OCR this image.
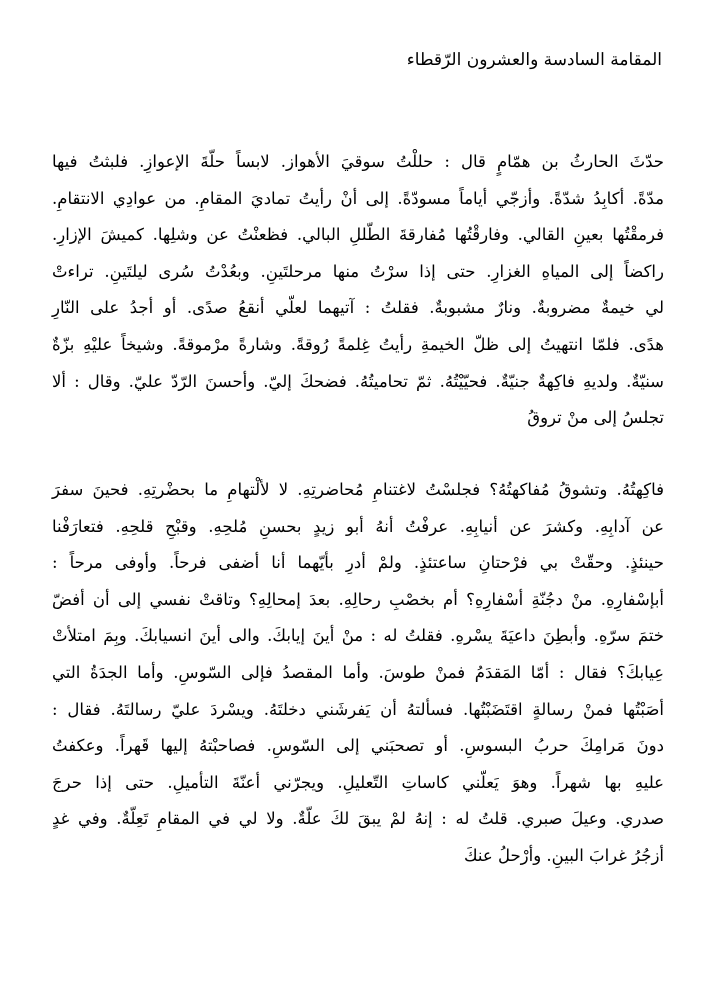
المقامة السادسة والعشرون الرّقطاء

حدّثَ الحارثُ بن همّامٍ قال : حللْتُ سوقيَ الأهواز. لابساً حلّةَ الإعوازِ. فلبثتُ فيها
مدّةً. أكابِدُ شدّةً. وأزجّي أياماً مسودّةً. إلى أنْ رأيتُ تماديَ المقامِ. من عوادِي الانتقامِ.
فرمقْتُها بعينِ القالي. وفارقْتُها مُفارقةَ الطّللِ البالي. فظعنْتُ عن وشلِها. كميشَ الإزارِ.
راكضاً إلى المياهِ الغزارِ. حتى إذا سرْتُ منها مرحلتَينِ. وبعُدْتُ سُرى ليلتَينِ. تراءتْ
لي خيمةٌ مضروبةٌ. ونارٌ مشبوبةٌ. فقلتُ : آتيهما لعلّي أنقعُ صدًى. أو أجدُ على النّارِ
هدًى. فلمّا انتهيتُ إلى ظلّ الخيمةِ رأيتُ غِلمةً رُوقةً. وشارةً مرْموقةً. وشيخاً عليْهِ بزّةٌ
سنيّةٌ. ولديهِ فاكِهةٌ جنيّةٌ. فحيّيْتُهُ. ثمّ تحاميتُهُ. فضحكَ إليّ. وأحسنَ الرّدّ عليّ. وقال : ألا
تجلسُ إلى منْ تروقُ

فاكِهتُهُ. وتشوقُ مُفاكهتُهُ؟ فجلسْتُ لاغتنامِ مُحاضرتِهِ. لا لألْتهامِ ما بحضْرتِهِ. فحينَ سفرَ
عن آدابِهِ. وكشرَ عن أنيابِهِ. عرفْتُ أنهُ أبو زيدٍ بحسنِ مُلحِهِ. وقبْحِ قلحِهِ. فتعارَفْنا
حينئذٍ. وحقّتْ بي فرْحتانِ ساعتئذٍ. ولمْ أدرِ بأيّهما أنا أضفى فرحاً. وأوفى مرحاً :
أبإسْفارِهِ. منْ دجُنّةِ أسْفارِهِ؟ أم بخصْبِ رحالِهِ. بعدَ إمحالِهِ؟ وتاقتْ نفسي إلى أن أفضّ
ختمَ سرّهِ. وأبطِنَ داعيَةَ يسْرهِ. فقلتُ له : منْ أينَ إيابكَ. والى أينَ انسيابكَ. وبِمَ امتلأتْ
عِيابكَ؟ فقال : أمّا المَقدَمُ فمنْ طوسَ. وأما المقصدُ فإلى السّوسِ. وأما الجدَةُ التي
أصَبْتُها فمنْ رسالةٍ اقتَضَبْتُها. فسألتهُ أن يَفرشَني دخلتَهُ. ويسْردَ عليّ رسالتَهُ. فقال :
دونَ مَرامِكَ حربُ البسوسِ. أو تصحبَني إلى السّوسِ. فصاحبْتهُ إليها قَهراً. وعكفتُ
عليهِ بها شهراً. وهوَ يَعلّني كاساتِ التّعليلِ. ويجرّني أعنّةَ التأميلِ. حتى إذا حرجَ
صدري. وعيلَ صبري. قلتُ له : إنهُ لمْ يبقَ لكَ علّةٌ. ولا لي في المقامِ تَعِلّةٌ. وفي غدٍ
أزجُرُ غرابَ البينِ. وأرْحلُ عنكَ
